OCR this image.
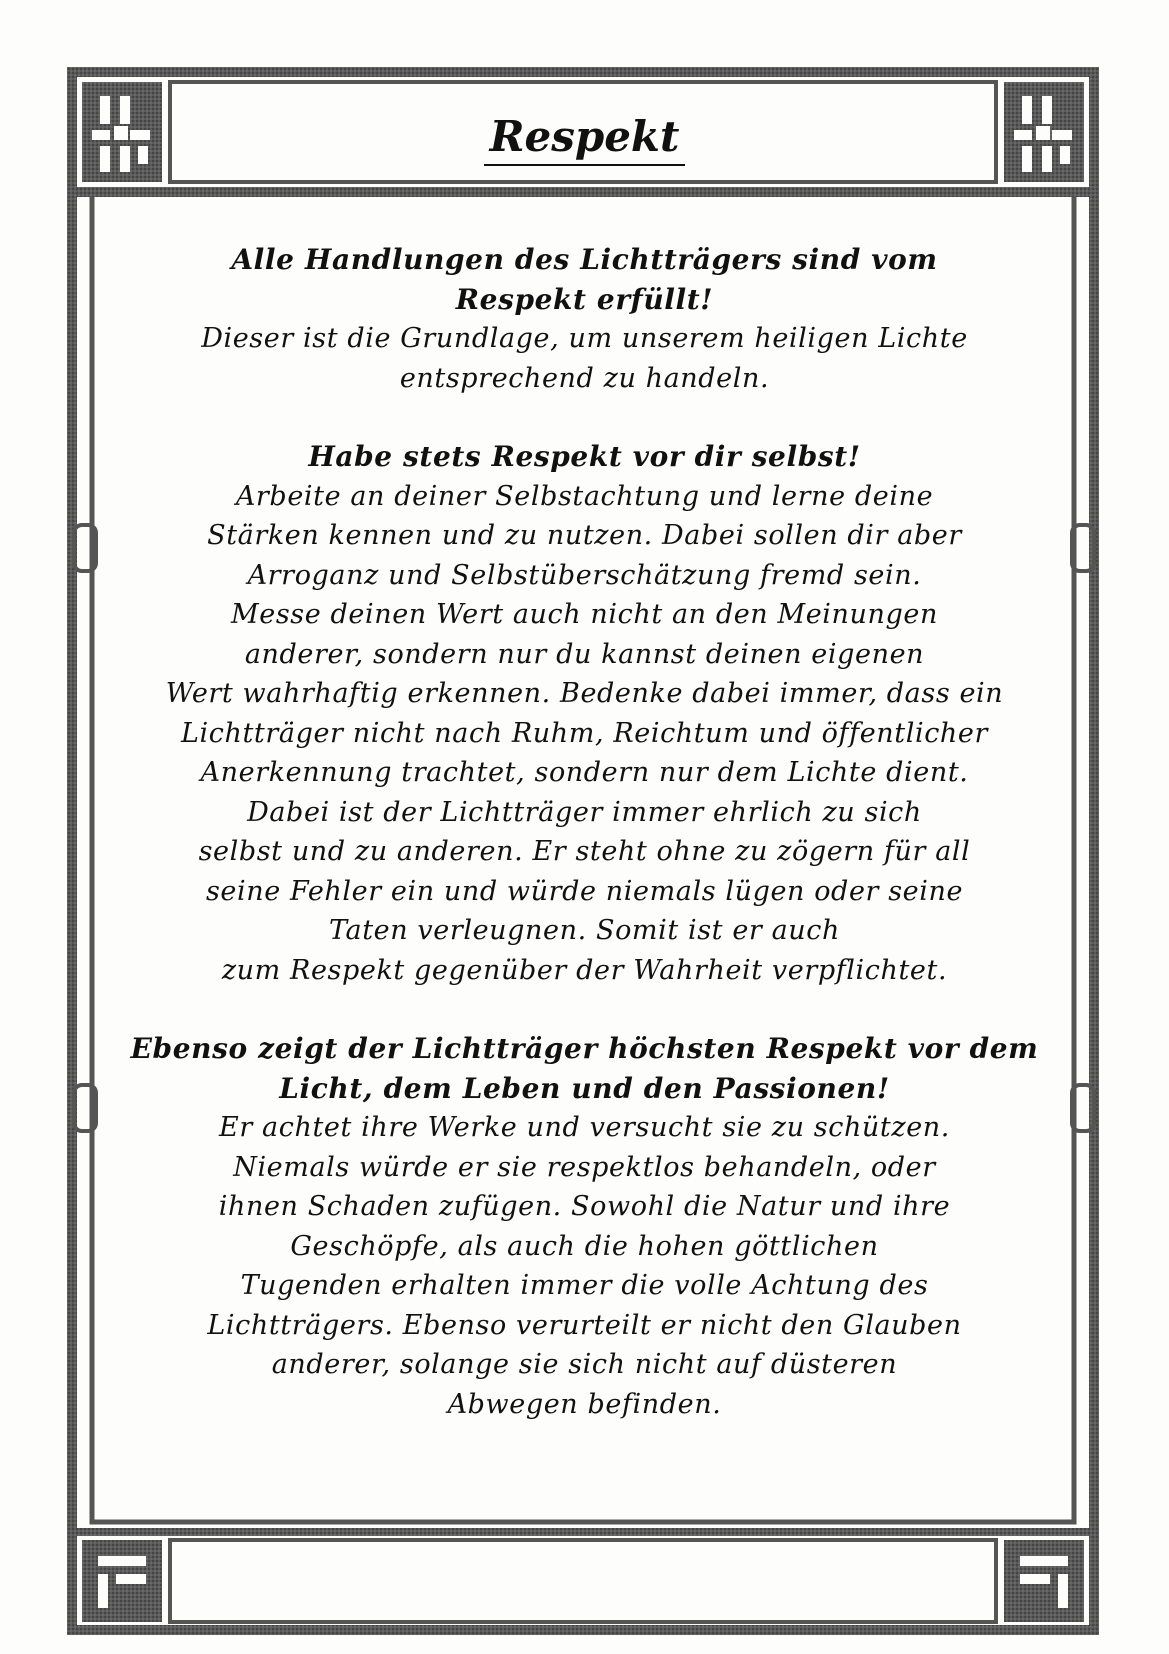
Respekt

Alle Handlungen des Lichtträgers sind vom
Respekt erfüllt!

Dieser ist die Grundlage, um unserem heiligen Lichte
entsprechend zu handeln.

Habe stets Respekt vor dir selbst!

Arbeite an deiner Selbstachtung und lerne deine
Stärken kennen und zu nutzen. Dabei sollen dir aber
Arroganz und Selbstüberschätzung fremd sein.
Messe deinen Wert auch nicht an den Meinungen
anderer, sondern nur du kannst deinen eigenen
Wert wahrhaftig erkennen. Bedenke dabei immer, dass ein
Lichtträger nicht nach Ruhm, Reichtum und öffentlicher
Anerkennung trachtet, sondern nur dem Lichte dient.
Dabei ist der Lichtträger immer ehrlich zu sich
selbst und zu anderen. Er steht ohne zu zögern für all
seine Fehler ein und würde niemals lügen oder seine
Taten verleugnen. Somit ist er auch
zum Respekt gegenüber der Wahrheit verpflichtet.

Ebenso zeigt der Lichtträger höchsten Respekt vor dem
Licht, dem Leben und den Passionen!

Er achtet ihre Werke und versucht sie zu schützen.
Niemals würde er sie respektlos behandeln, oder
ihnen Schaden zufügen. Sowohl die Natur und ihre
Geschöpfe, als auch die hohen göttlichen
Tugenden erhalten immer die volle Achtung des
Lichtträgers. Ebenso verurteilt er nicht den Glauben
anderer, solange sie sich nicht auf düsteren
Abwegen befinden.
